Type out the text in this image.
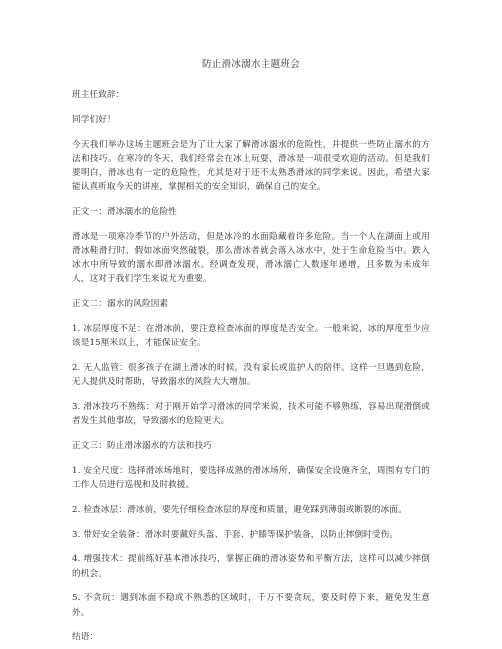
防止滑冰溺水主题班会

班主任致辞：

同学们好！

今天我们举办这场主题班会是为了让大家了解滑冰溺水的危险性，并提供一些防止溺水的方法和技巧。在寒冷的冬天，我们经常会在冰上玩耍，滑冰是一项很受欢迎的活动。但是我们要明白，滑冰也有一定的危险性，尤其是对于还不太熟悉滑冰的同学来说。因此，希望大家能认真听取今天的讲座，掌握相关的安全知识，确保自己的安全。

正文一：滑冰溺水的危险性

滑冰是一项寒冷季节的户外活动，但是冰冷的水面隐藏着许多危险。当一个人在湖面上或用滑冰鞋滑行时，假如冰面突然破裂，那么滑冰者就会落入冰水中，处于生命危险当中。跌入冰水中所导致的溺水即滑冰溺水。经调查发现，滑冰溺亡人数逐年递增，且多数为未成年人，这对于我们学生来说尤为重要。

正文二：溺水的风险因素

1. 冰层厚度不足：在滑冰前，要注意检查冰面的厚度是否安全。一般来说，冰的厚度至少应该是15厘米以上，才能保证安全。

2. 无人监管：很多孩子在湖上滑冰的时候，没有家长或监护人的陪伴。这样一旦遇到危险，无人提供及时帮助，导致溺水的风险大大增加。

3. 滑冰技巧不熟练：对于刚开始学习滑冰的同学来说，技术可能不够熟练，容易出现滑倒或者发生其他事故，导致溺水的危险更大。

正文三：防止滑冰溺水的方法和技巧

1. 安全尺度：选择滑冰场地时，要选择成熟的滑冰场所，确保安全设施齐全，周围有专门的工作人员进行巡视和及时救援。

2. 检查冰层：滑冰前，要先仔细检查冰层的厚度和质量，避免踩到薄弱或断裂的冰面。

3. 带好安全装备：滑冰时要戴好头盔、手套、护膝等保护装备，以防止摔倒时受伤。

4. 增强技术：提前练好基本滑冰技巧，掌握正确的滑冰姿势和平衡方法，这样可以减少摔倒的机会。

5. 不贪玩：遇到冰面不稳或不熟悉的区域时，千万不要贪玩，要及时停下来，避免发生意外。

结语：
